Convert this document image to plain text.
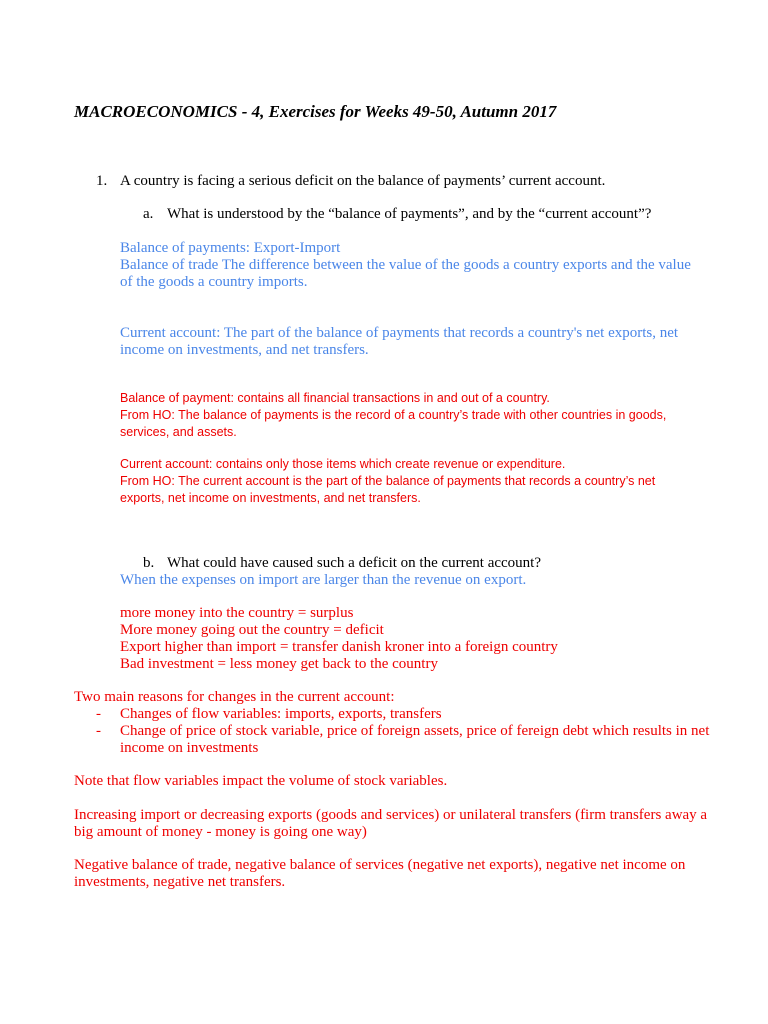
MACROECONOMICS - 4, Exercises for Weeks 49-50, Autumn 2017
1. A country is facing a serious deficit on the balance of payments’ current account.
a. What is understood by the “balance of payments”, and by the “current account”?
Balance of payments: Export-Import
Balance of trade The difference between the value of the goods a country exports and the value of the goods a country imports.
Current account: The part of the balance of payments that records a country's net exports, net income on investments, and net transfers.
Balance of payment: contains all financial transactions in and out of a country.
From HO: The balance of payments is the record of a country’s trade with other countries in goods, services, and assets.
Current account: contains only those items which create revenue or expenditure.
From HO: The current account is the part of the balance of payments that records a country’s net exports, net income on investments, and net transfers.
b. What could have caused such a deficit on the current account?
When the expenses on import are larger than the revenue on export.
more money into the country = surplus
More money going out the country = deficit
Export higher than import = transfer danish kroner into a foreign country
Bad investment = less money get back to the country
Two main reasons for changes in the current account:
-	Changes of flow variables: imports, exports, transfers
-	Change of price of stock variable, price of foreign assets, price of fereign debt which results in net income on investments
Note that flow variables impact the volume of stock variables.
Increasing import or decreasing exports (goods and services) or unilateral transfers (firm transfers away a big amount of money - money is going one way)
Negative balance of trade, negative balance of services (negative net exports), negative net income on investments, negative net transfers.
